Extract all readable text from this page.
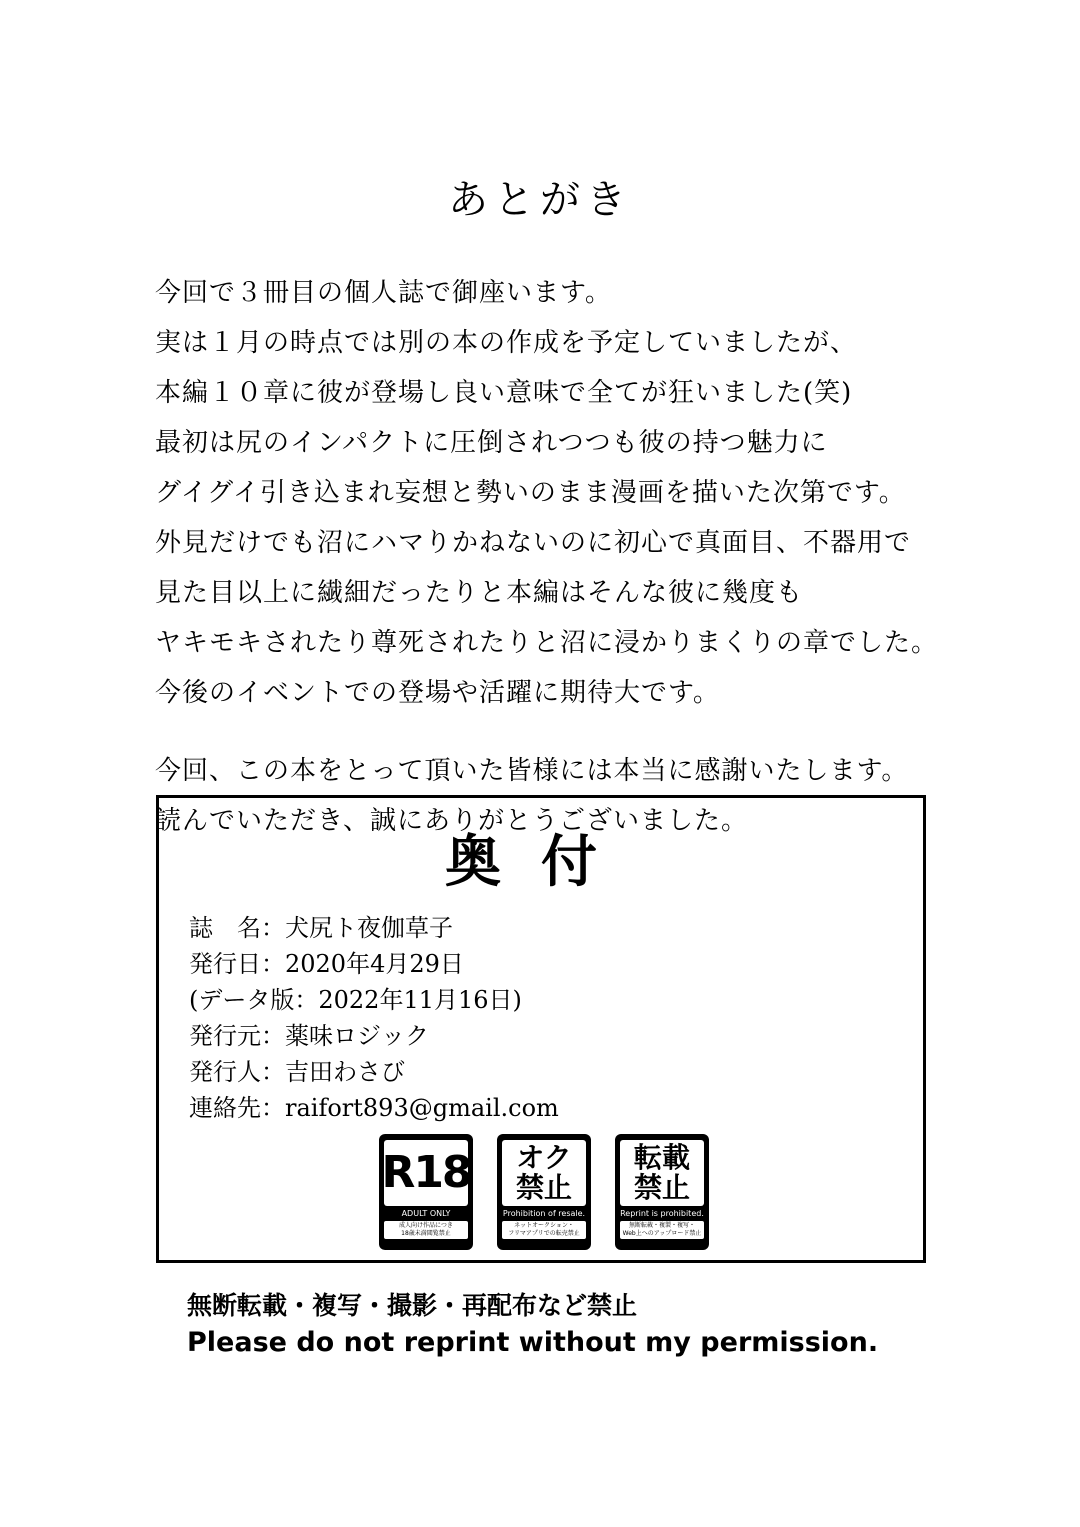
あとがき
今回で３冊目の個人誌で御座います。
実は１月の時点では別の本の作成を予定していましたが、
本編１０章に彼が登場し良い意味で全てが狂いました(笑)
最初は尻のインパクトに圧倒されつつも彼の持つ魅力に
グイグイ引き込まれ妄想と勢いのまま漫画を描いた次第です。
外見だけでも沼にハマりかねないのに初心で真面目、不器用で
見た目以上に繊細だったりと本編はそんな彼に幾度も
ヤキモキされたり尊死されたりと沼に浸かりまくりの章でした。
今後のイベントでの登場や活躍に期待大です。
今回、この本をとって頂いた皆様には本当に感謝いたします。
読んでいただき、誠にありがとうございました。
奥付
誌　名：犬尻ト夜伽草子
発行日：2020年4月29日
(データ版：2022年11月16日)
発行元：薬味ロジック
発行人：吉田わさび
連絡先：raifort893@gmail.com
R18
ADULT ONLY
成人向け作品につき
18歳未満閲覧禁止
オク
禁止
Prohibition of resale.
ネットオークション・
フリマアプリでの転売禁止
転載
禁止
Reprint is prohibited.
無断転載・複製・複写・
Web上へのアップロード禁止
無断転載・複写・撮影・再配布など禁止
Please do not reprint without my permission.
